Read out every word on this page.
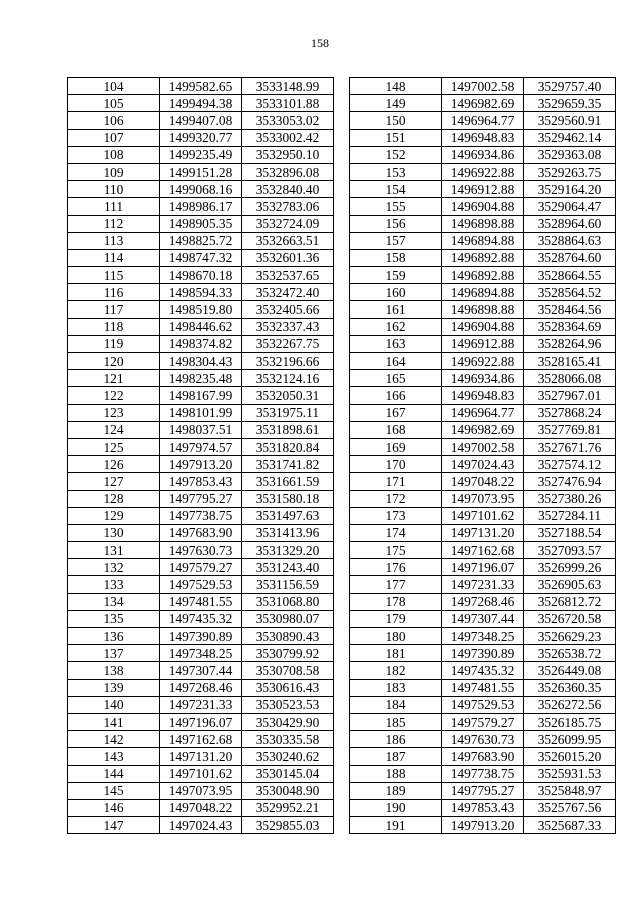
158
104	1499582.65	3533148.99
105	1499494.38	3533101.88
106	1499407.08	3533053.02
107	1499320.77	3533002.42
108	1499235.49	3532950.10
109	1499151.28	3532896.08
110	1499068.16	3532840.40
111	1498986.17	3532783.06
112	1498905.35	3532724.09
113	1498825.72	3532663.51
114	1498747.32	3532601.36
115	1498670.18	3532537.65
116	1498594.33	3532472.40
117	1498519.80	3532405.66
118	1498446.62	3532337.43
119	1498374.82	3532267.75
120	1498304.43	3532196.66
121	1498235.48	3532124.16
122	1498167.99	3532050.31
123	1498101.99	3531975.11
124	1498037.51	3531898.61
125	1497974.57	3531820.84
126	1497913.20	3531741.82
127	1497853.43	3531661.59
128	1497795.27	3531580.18
129	1497738.75	3531497.63
130	1497683.90	3531413.96
131	1497630.73	3531329.20
132	1497579.27	3531243.40
133	1497529.53	3531156.59
134	1497481.55	3531068.80
135	1497435.32	3530980.07
136	1497390.89	3530890.43
137	1497348.25	3530799.92
138	1497307.44	3530708.58
139	1497268.46	3530616.43
140	1497231.33	3530523.53
141	1497196.07	3530429.90
142	1497162.68	3530335.58
143	1497131.20	3530240.62
144	1497101.62	3530145.04
145	1497073.95	3530048.90
146	1497048.22	3529952.21
147	1497024.43	3529855.03
148	1497002.58	3529757.40
149	1496982.69	3529659.35
150	1496964.77	3529560.91
151	1496948.83	3529462.14
152	1496934.86	3529363.08
153	1496922.88	3529263.75
154	1496912.88	3529164.20
155	1496904.88	3529064.47
156	1496898.88	3528964.60
157	1496894.88	3528864.63
158	1496892.88	3528764.60
159	1496892.88	3528664.55
160	1496894.88	3528564.52
161	1496898.88	3528464.56
162	1496904.88	3528364.69
163	1496912.88	3528264.96
164	1496922.88	3528165.41
165	1496934.86	3528066.08
166	1496948.83	3527967.01
167	1496964.77	3527868.24
168	1496982.69	3527769.81
169	1497002.58	3527671.76
170	1497024.43	3527574.12
171	1497048.22	3527476.94
172	1497073.95	3527380.26
173	1497101.62	3527284.11
174	1497131.20	3527188.54
175	1497162.68	3527093.57
176	1497196.07	3526999.26
177	1497231.33	3526905.63
178	1497268.46	3526812.72
179	1497307.44	3526720.58
180	1497348.25	3526629.23
181	1497390.89	3526538.72
182	1497435.32	3526449.08
183	1497481.55	3526360.35
184	1497529.53	3526272.56
185	1497579.27	3526185.75
186	1497630.73	3526099.95
187	1497683.90	3526015.20
188	1497738.75	3525931.53
189	1497795.27	3525848.97
190	1497853.43	3525767.56
191	1497913.20	3525687.33
